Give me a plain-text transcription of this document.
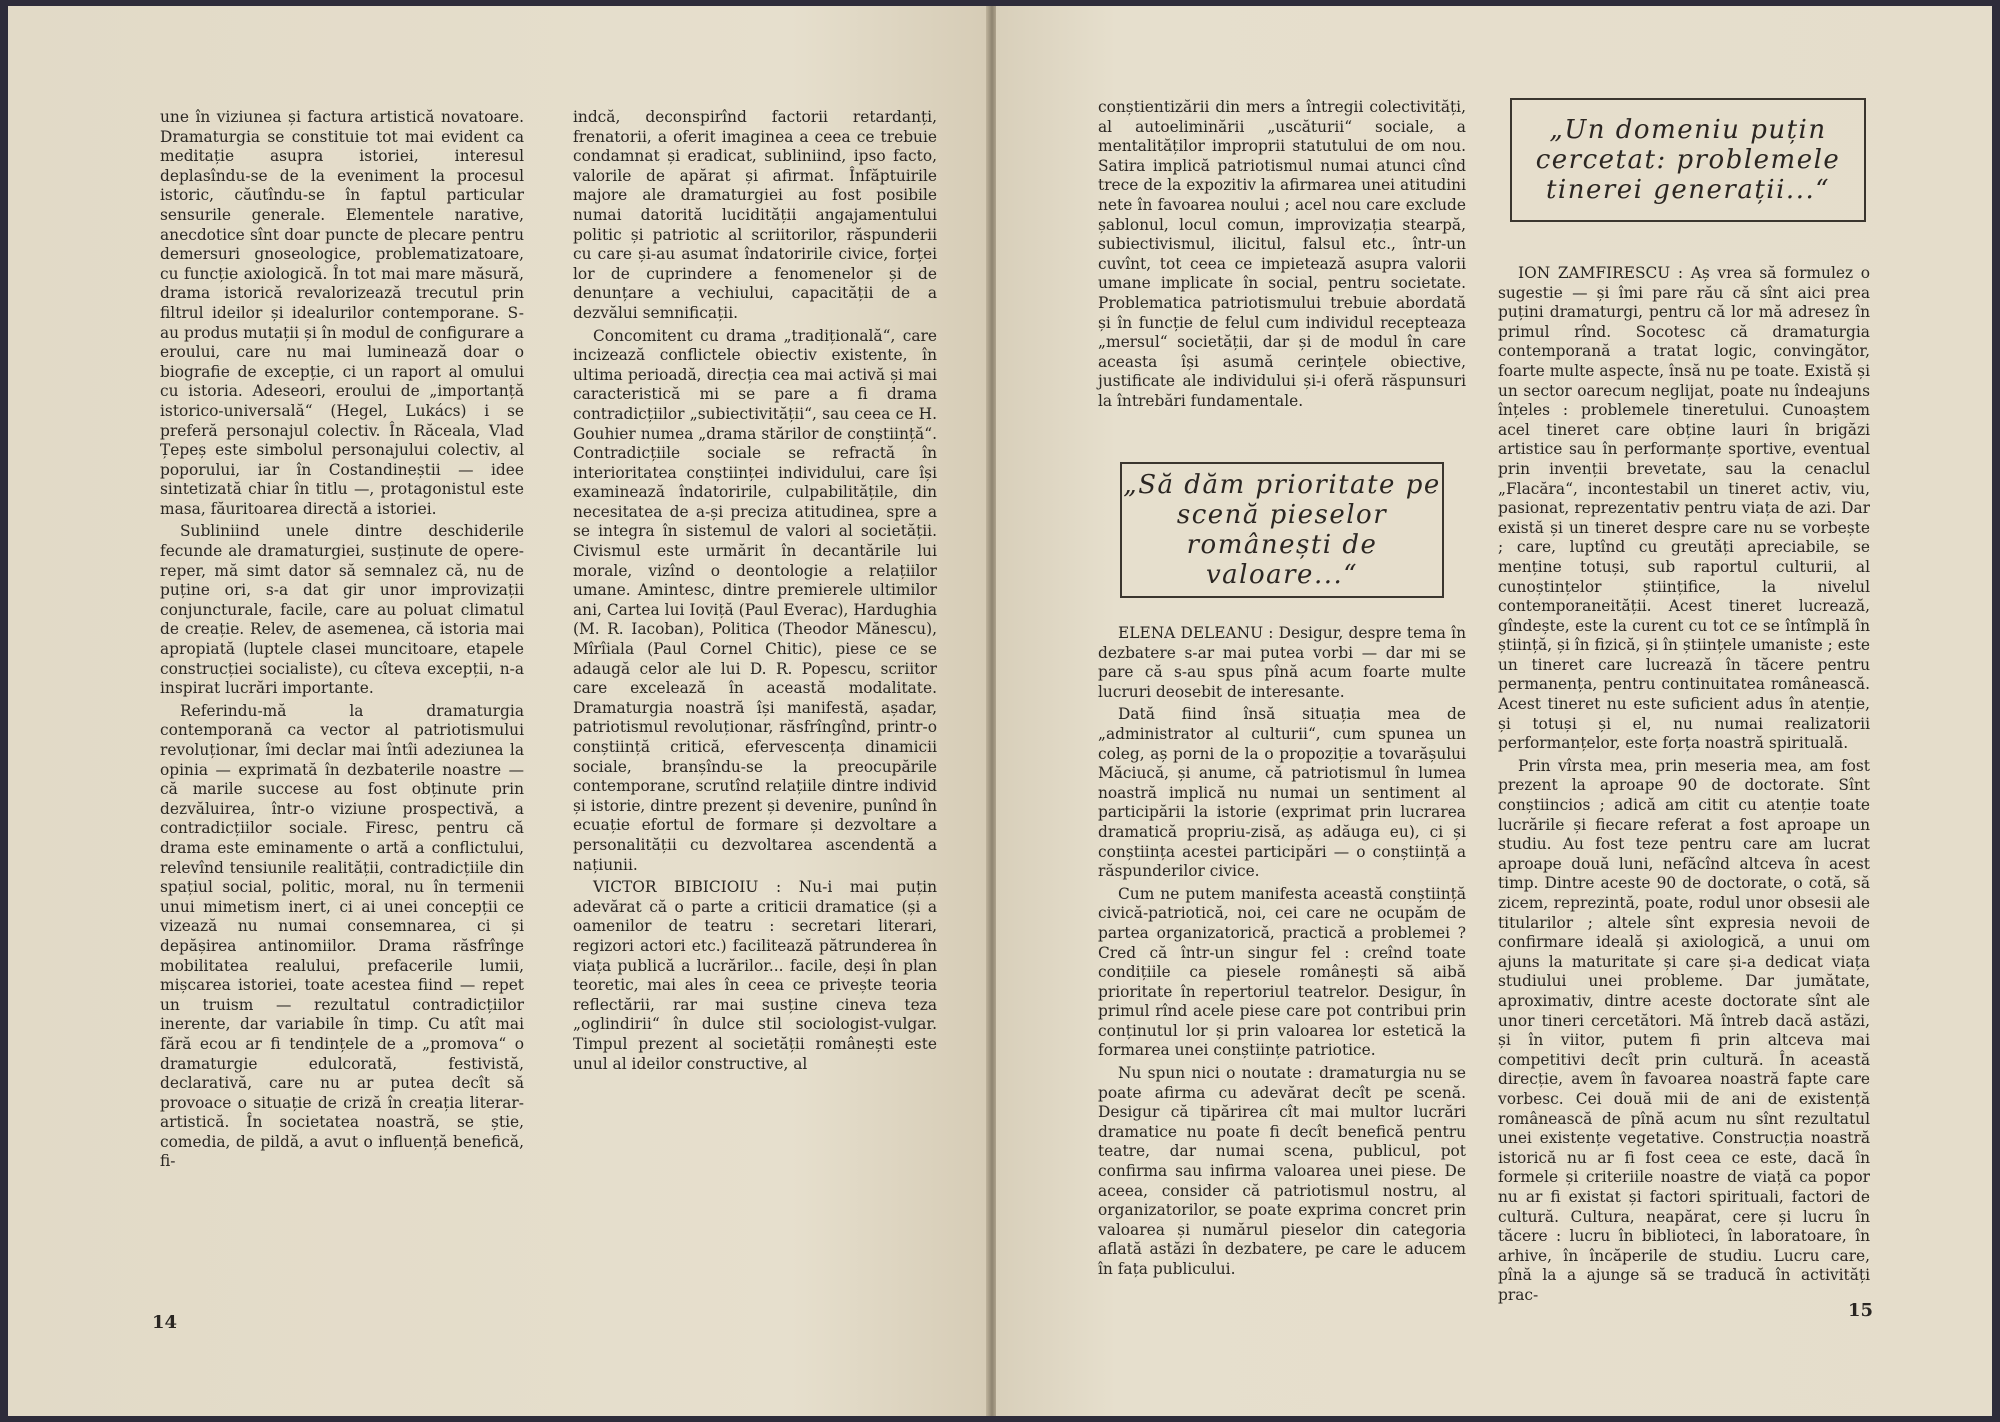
une în viziunea și factura artistică novatoare. Dramaturgia se constituie tot mai evident ca meditație asupra istoriei, interesul deplasîndu-se de la eveniment la procesul istoric, căutîndu-se în faptul particular sensurile generale. Elementele narative, anecdotice sînt doar puncte de plecare pentru demersuri gnoseologice, problematizatoare, cu funcție axiologică. În tot mai mare măsură, drama istorică revalorizează trecutul prin filtrul ideilor și idealurilor contemporane. S-au produs mutații și în modul de configurare a eroului, care nu mai luminează doar o biografie de excepție, ci un raport al omului cu istoria. Adeseori, eroului de „importanță istorico-universală“ (Hegel, Lukács) i se preferă personajul colectiv. În Răceala, Vlad Țepeș este simbolul personajului colectiv, al poporului, iar în Costandineștii — idee sintetizată chiar în titlu —, protagonistul este masa, făuritoarea directă a istoriei.

Subliniind unele dintre deschiderile fecunde ale dramaturgiei, susținute de opere-reper, mă simt dator să semnalez că, nu de puține ori, s-a dat gir unor improvizații conjuncturale, facile, care au poluat climatul de creație. Relev, de asemenea, că istoria mai apropiată (luptele clasei muncitoare, etapele construcției socialiste), cu cîteva excepții, n-a inspirat lucrări importante.

Referindu-mă la dramaturgia contemporană ca vector al patriotismului revoluționar, îmi declar mai întîi adeziunea la opinia — exprimată în dezbaterile noastre — că marile succese au fost obținute prin dezvăluirea, într-o viziune prospectivă, a contradicțiilor sociale. Firesc, pentru că drama este eminamente o artă a conflictului, relevînd tensiunile realității, contradicțiile din spațiul social, politic, moral, nu în termenii unui mimetism inert, ci ai unei concepții ce vizează nu numai consemnarea, ci și depășirea antinomiilor. Drama răsfrînge mobilitatea realului, prefacerile lumii, mișcarea istoriei, toate acestea fiind — repet un truism — rezultatul contradicțiilor inerente, dar variabile în timp. Cu atît mai fără ecou ar fi tendințele de a „promova“ o dramaturgie edulcorată, festivistă, declarativă, care nu ar putea decît să provoace o situație de criză în creația literar-artistică. În societatea noastră, se știe, comedia, de pildă, a avut o influență benefică, fi-

indcă, deconspirînd factorii retardanți, frenatorii, a oferit imaginea a ceea ce trebuie condamnat și eradicat, subliniind, ipso facto, valorile de apărat și afirmat. Înfăptuirile majore ale dramaturgiei au fost posibile numai datorită lucidității angajamentului politic și patriotic al scriitorilor, răspunderii cu care și-au asumat îndatoririle civice, forței lor de cuprindere a fenomenelor și de denunțare a vechiului, capacității de a dezvălui semnificații.

Concomitent cu drama „tradițională“, care incizează conflictele obiectiv existente, în ultima perioadă, direcția cea mai activă și mai caracteristică mi se pare a fi drama contradicțiilor „subiectivității“, sau ceea ce H. Gouhier numea „drama stărilor de conștiință“. Contradicțiile sociale se refractă în interioritatea conștiinței individului, care își examinează îndatoririle, culpabilitățile, din necesitatea de a-și preciza atitudinea, spre a se integra în sistemul de valori al societății. Civismul este urmărit în decantările lui morale, vizînd o deontologie a relațiilor umane. Amintesc, dintre premierele ultimilor ani, Cartea lui Ioviță (Paul Everac), Hardughia (M. R. Iacoban), Politica (Theodor Mănescu), Mîrîiala (Paul Cornel Chitic), piese ce se adaugă celor ale lui D. R. Popescu, scriitor care excelează în această modalitate. Dramaturgia noastră își manifestă, așadar, patriotismul revoluționar, răsfrîngînd, printr-o conștiință critică, efervescența dinamicii sociale, branșîndu-se la preocupările contemporane, scrutînd relațiile dintre individ și istorie, dintre prezent și devenire, punînd în ecuație efortul de formare și dezvoltare a personalității cu dezvoltarea ascendentă a națiunii.

VICTOR BIBICIOIU : Nu-i mai puțin adevărat că o parte a criticii dramatice (și a oamenilor de teatru : secretari literari, regizori actori etc.) facilitează pătrunderea în viața publică a lucrărilor... facile, deși în plan teoretic, mai ales în ceea ce privește teoria reflectării, rar mai susține cineva teza „oglindirii“ în dulce stil sociologist-vulgar. Timpul prezent al societății românești este unul al ideilor constructive, al

14

conștientizării din mers a întregii colectivități, al autoeliminării „uscăturii“ sociale, a mentalităților improprii statutului de om nou. Satira implică patriotismul numai atunci cînd trece de la expozitiv la afirmarea unei atitudini nete în favoarea noului ; acel nou care exclude șablonul, locul comun, improvizația stearpă, subiectivismul, ilicitul, falsul etc., într-un cuvînt, tot ceea ce impietează asupra valorii umane implicate în social, pentru societate. Problematica patriotismului trebuie abordată și în funcție de felul cum individul recepteaza „mersul“ societății, dar și de modul în care aceasta își asumă cerințele obiective, justificate ale individului și-i oferă răspunsuri la întrebări fundamentale.

„Să dăm prioritate pe scenă pieselor românești de valoare...“

ELENA DELEANU : Desigur, despre tema în dezbatere s-ar mai putea vorbi — dar mi se pare că s-au spus pînă acum foarte multe lucruri deosebit de interesante.

Dată fiind însă situația mea de „administrator al culturii“, cum spunea un coleg, aș porni de la o propoziție a tovarășului Măciucă, și anume, că patriotismul în lumea noastră implică nu numai un sentiment al participării la istorie (exprimat prin lucrarea dramatică propriu-zisă, aș adăuga eu), ci și conștiința acestei participări — o conștiință a răspunderilor civice.

Cum ne putem manifesta această conștiință civică-patriotică, noi, cei care ne ocupăm de partea organizatorică, practică a problemei ? Cred că într-un singur fel : creînd toate condițiile ca piesele românești să aibă prioritate în repertoriul teatrelor. Desigur, în primul rînd acele piese care pot contribui prin conținutul lor și prin valoarea lor estetică la formarea unei conștiințe patriotice.

Nu spun nici o noutate : dramaturgia nu se poate afirma cu adevărat decît pe scenă. Desigur că tipărirea cît mai multor lucrări dramatice nu poate fi decît benefică pentru teatre, dar numai scena, publicul, pot confirma sau infirma valoarea unei piese. De aceea, consider că patriotismul nostru, al organizatorilor, se poate exprima concret prin valoarea și numărul pieselor din categoria aflată astăzi în dezbatere, pe care le aducem în fața publicului.

„Un domeniu puțin cercetat: problemele tinerei generații...“

ION ZAMFIRESCU : Aș vrea să formulez o sugestie — și îmi pare rău că sînt aici prea puțini dramaturgi, pentru că lor mă adresez în primul rînd. Socotesc că dramaturgia contemporană a tratat logic, convingător, foarte multe aspecte, însă nu pe toate. Există și un sector oarecum neglijat, poate nu îndeajuns înțeles : problemele tineretului. Cunoaștem acel tineret care obține lauri în brigăzi artistice sau în performanțe sportive, eventual prin invenții brevetate, sau la cenaclul „Flacăra“, incontestabil un tineret activ, viu, pasionat, reprezentativ pentru viața de azi. Dar există și un tineret despre care nu se vorbește ; care, luptînd cu greutăți apreciabile, se menține totuși, sub raportul culturii, al cunoștințelor științifice, la nivelul contemporaneității. Acest tineret lucrează, gîndește, este la curent cu tot ce se întîmplă în știință, și în fizică, și în științele umaniste ; este un tineret care lucrează în tăcere pentru permanența, pentru continuitatea românească. Acest tineret nu este suficient adus în atenție, și totuși și el, nu numai realizatorii performanțelor, este forța noastră spirituală.

Prin vîrsta mea, prin meseria mea, am fost prezent la aproape 90 de doctorate. Sînt conștiincios ; adică am citit cu atenție toate lucrările și fiecare referat a fost aproape un studiu. Au fost teze pentru care am lucrat aproape două luni, nefăcînd altceva în acest timp. Dintre aceste 90 de doctorate, o cotă, să zicem, reprezintă, poate, rodul unor obsesii ale titularilor ; altele sînt expresia nevoii de confirmare ideală și axiologică, a unui om ajuns la maturitate și care și-a dedicat viața studiului unei probleme. Dar jumătate, aproximativ, dintre aceste doctorate sînt ale unor tineri cercetători. Mă întreb dacă astăzi, și în viitor, putem fi prin altceva mai competitivi decît prin cultură. În această direcție, avem în favoarea noastră fapte care vorbesc. Cei două mii de ani de existență românească de pînă acum nu sînt rezultatul unei existențe vegetative. Construcția noastră istorică nu ar fi fost ceea ce este, dacă în formele și criteriile noastre de viață ca popor nu ar fi existat și factori spirituali, factori de cultură. Cultura, neapărat, cere și lucru în tăcere : lucru în biblioteci, în laboratoare, în arhive, în încăperile de studiu. Lucru care, pînă la a ajunge să se traducă în activități prac-

15
